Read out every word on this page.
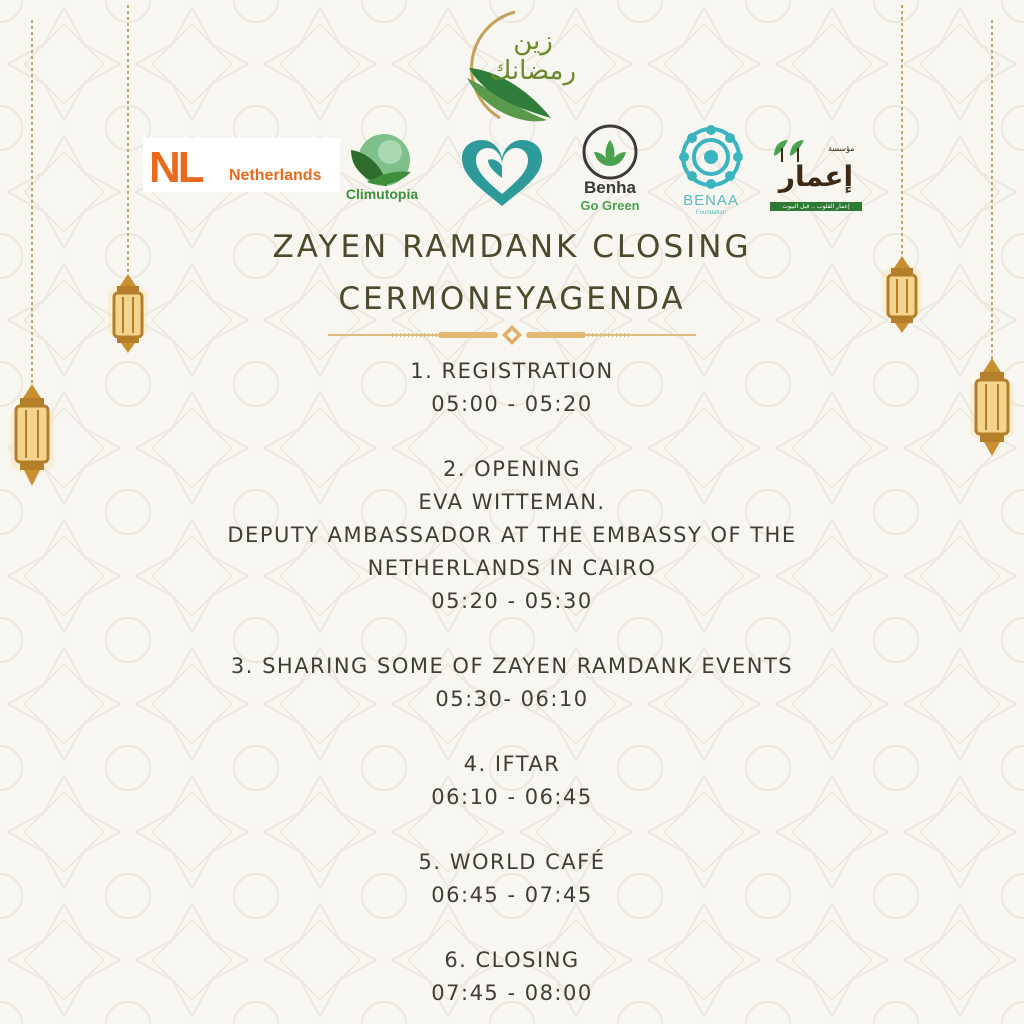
زين رمضانك
NL Netherlands
Climutopia	Benha
Go Green	BENAA
Foundation
مؤسسة
إعمار
إعمار القلوب .. قبل البيوت
ZAYEN RAMDANK CLOSING
CERMONEYAGENDA
1. REGISTRATION
05:00 - 05:20
2. OPENING
EVA WITTEMAN.
DEPUTY AMBASSADOR AT THE EMBASSY OF THE
NETHERLANDS IN CAIRO
05:20 - 05:30
3. SHARING SOME OF ZAYEN RAMDANK EVENTS
05:30- 06:10
4. IFTAR
06:10 - 06:45
5. WORLD CAFÉ
06:45 - 07:45
6. CLOSING
07:45 - 08:00
